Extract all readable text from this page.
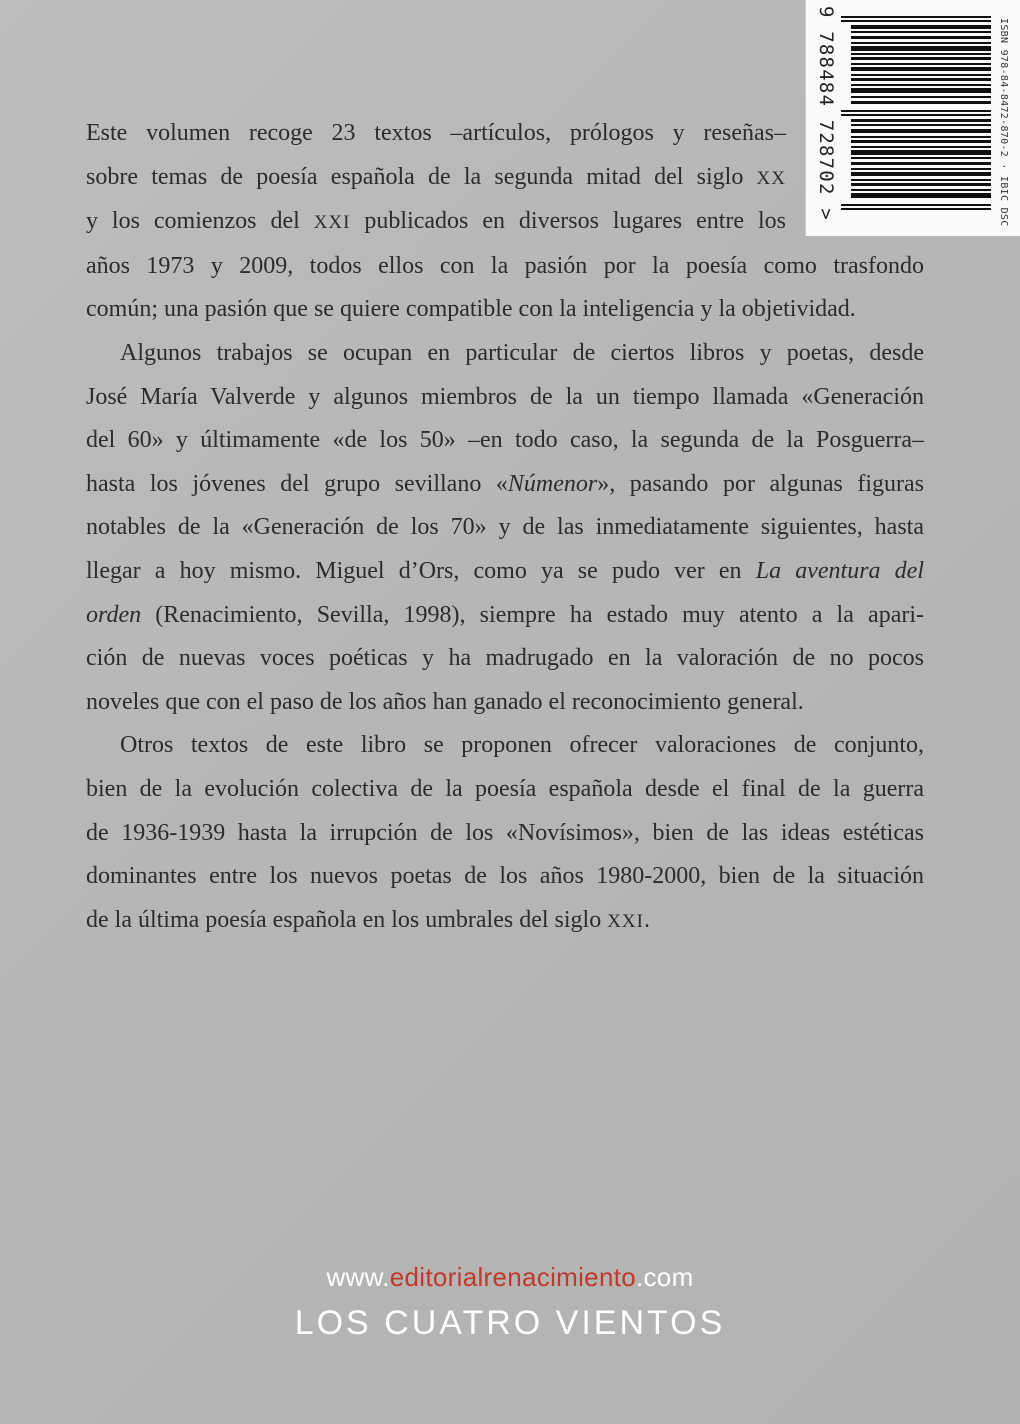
ISBN 978-84-8472-870-2 · IBIC DSC
9 788484 728702 >
Este volumen recoge 23 textos –artículos, prólogos y reseñas–
sobre temas de poesía española de la segunda mitad del siglo XX
y los comienzos del XXI publicados en diversos lugares entre los
años 1973 y 2009, todos ellos con la pasión por la poesía como trasfondo
común; una pasión que se quiere compatible con la inteligencia y la objetividad.
Algunos trabajos se ocupan en particular de ciertos libros y poetas, desde
José María Valverde y algunos miembros de la un tiempo llamada «Generación
del 60» y últimamente «de los 50» –en todo caso, la segunda de la Posguerra–
hasta los jóvenes del grupo sevillano «Númenor», pasando por algunas figuras
notables de la «Generación de los 70» y de las inmediatamente siguientes, hasta
llegar a hoy mismo. Miguel d’Ors, como ya se pudo ver en La aventura del
orden (Renacimiento, Sevilla, 1998), siempre ha estado muy atento a la apari-
ción de nuevas voces poéticas y ha madrugado en la valoración de no pocos
noveles que con el paso de los años han ganado el reconocimiento general.
Otros textos de este libro se proponen ofrecer valoraciones de conjunto,
bien de la evolución colectiva de la poesía española desde el final de la guerra
de 1936-1939 hasta la irrupción de los «Novísimos», bien de las ideas estéticas
dominantes entre los nuevos poetas de los años 1980-2000, bien de la situación
de la última poesía española en los umbrales del siglo XXI.
www.editorialrenacimiento.com
LOS CUATRO VIENTOS
